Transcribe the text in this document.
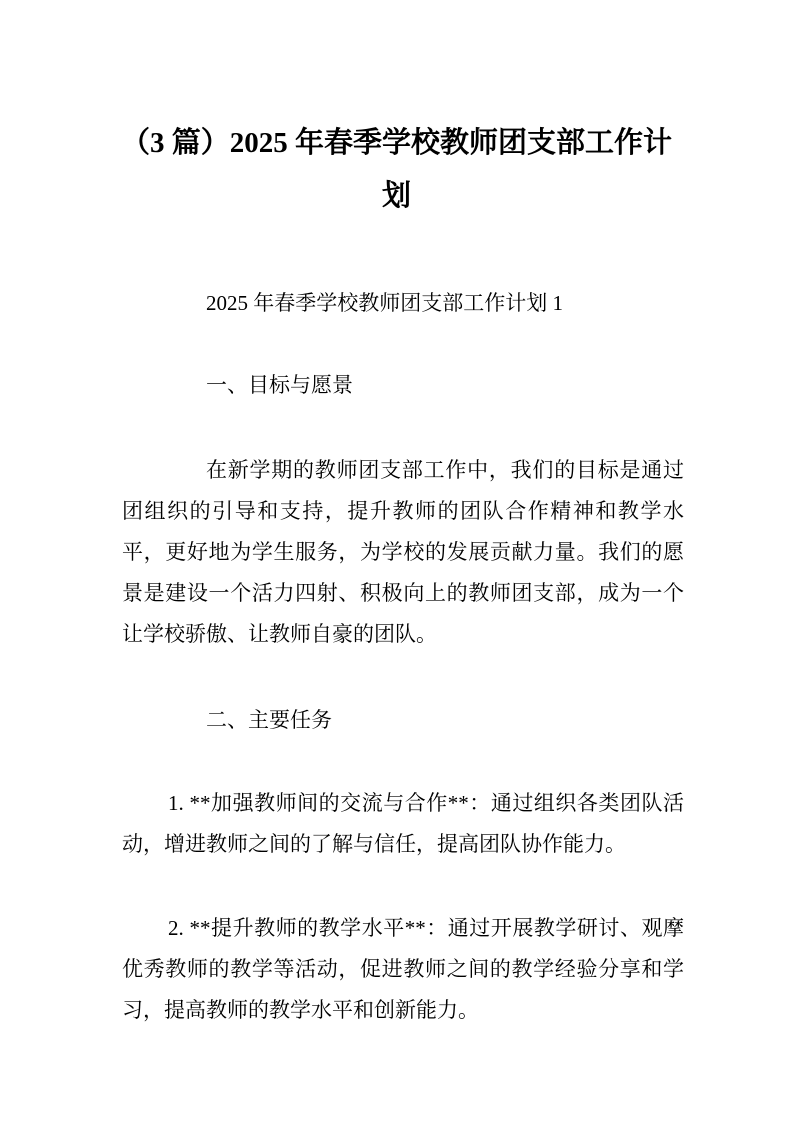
（3 篇）2025 年春季学校教师团支部工作计
划

2025 年春季学校教师团支部工作计划 1

一、目标与愿景

在新学期的教师团支部工作中，我们的目标是通过团组织的引导和支持，提升教师的团队合作精神和教学水平，更好地为学生服务，为学校的发展贡献力量。我们的愿景是建设一个活力四射、积极向上的教师团支部，成为一个让学校骄傲、让教师自豪的团队。

二、主要任务

1. **加强教师间的交流与合作**：通过组织各类团队活动，增进教师之间的了解与信任，提高团队协作能力。

2. **提升教师的教学水平**：通过开展教学研讨、观摩优秀教师的教学等活动，促进教师之间的教学经验分享和学习，提高教师的教学水平和创新能力。
